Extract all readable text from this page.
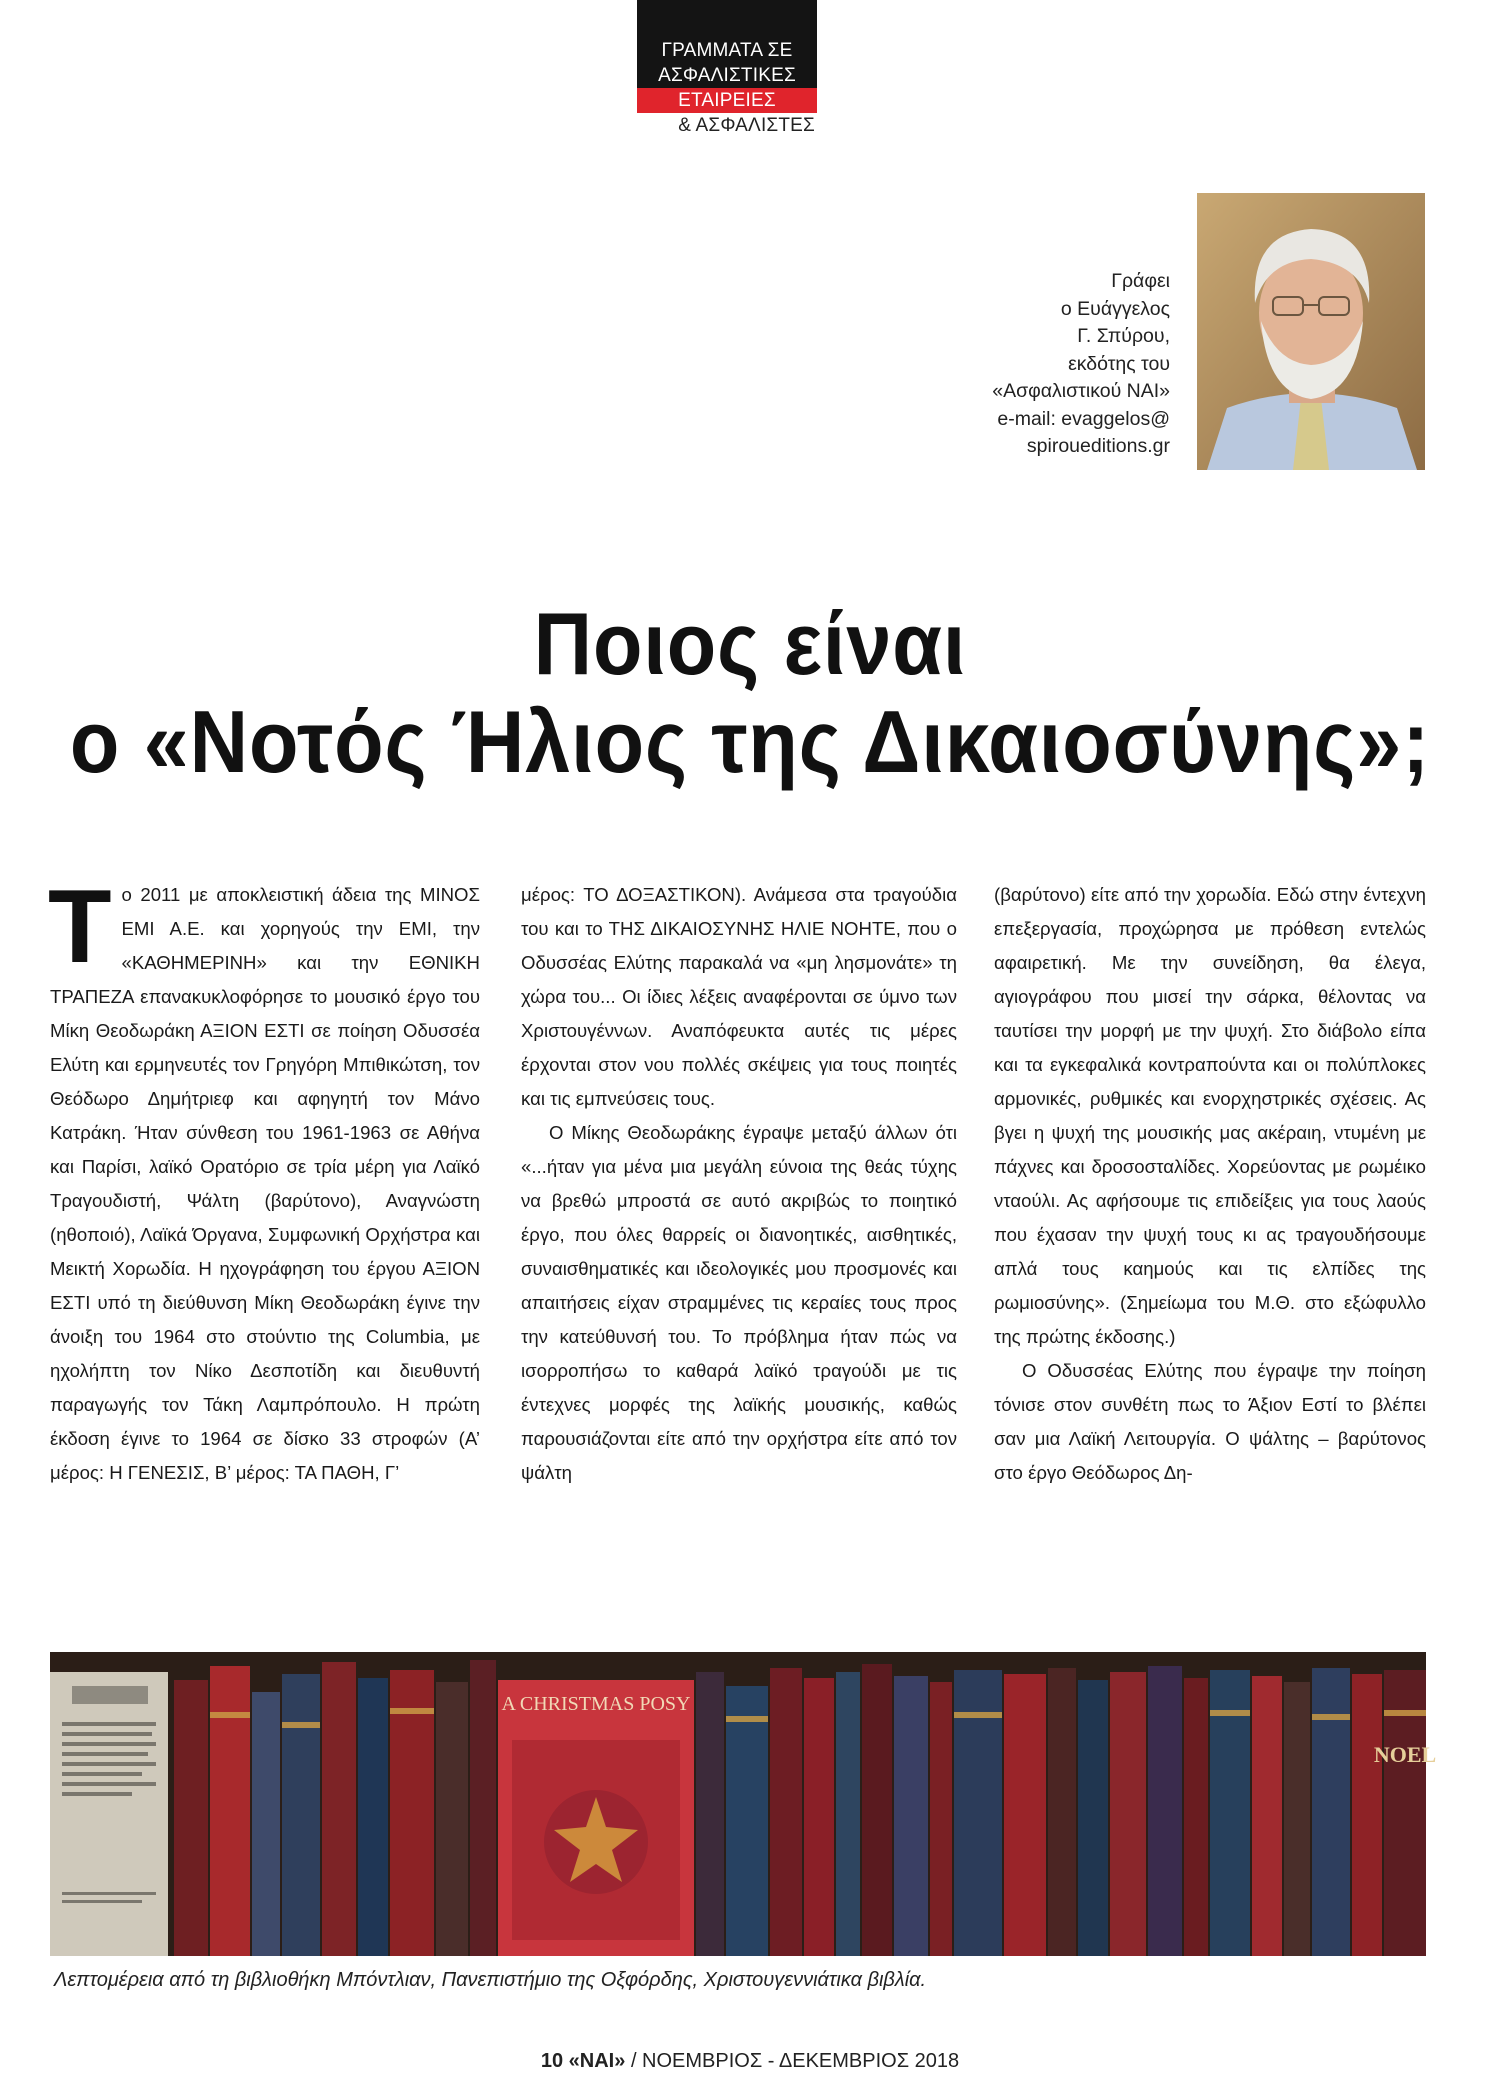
ΓΡΑΜΜΑΤΑ ΣΕ
ΑΣΦΑΛΙΣΤΙΚΕΣ
ΕΤΑΙΡΕΙΕΣ
& ΑΣΦΑΛΙΣΤΕΣ
Γράφει
ο Ευάγγελος
Γ. Σπύρου,
εκδότης του
«Ασφαλιστικού ΝΑΙ»
e-mail: evaggelos@
spiroueditions.gr
Ποιος είναι
ο «Νοτός Ήλιος της Δικαιοσύνης»;
Τ ο 2011 με αποκλειστική άδεια της ΜΙΝΟΣ ΕΜΙ Α.Ε. και χορηγούς την EMI, την «ΚΑΘΗΜΕΡΙΝΗ» και την ΕΘΝΙΚΗ ΤΡΑΠΕΖΑ επανακυκλοφόρησε το μουσικό έργο του Μίκη Θεοδωράκη ΑΞΙΟΝ ΕΣΤΙ σε ποίηση Οδυσσέα Ελύτη και ερμηνευτές τον Γρηγόρη Μπιθικώτση, τον Θεόδωρο Δημήτριεφ και αφηγητή τον Μάνο Κατράκη. Ήταν σύνθεση του 1961-1963 σε Αθήνα και Παρίσι, λαϊκό Ορατόριο σε τρία μέρη για Λαϊκό Τραγουδιστή, Ψάλτη (βαρύτονο), Αναγνώστη (ηθοποιό), Λαϊκά Όργανα, Συμφωνική Ορχήστρα και Μεικτή Χορωδία. Η ηχογράφηση του έργου ΑΞΙΟΝ ΕΣΤΙ υπό τη διεύθυνση Μίκη Θεοδωράκη έγινε την άνοιξη του 1964 στο στούντιο της Columbia, με ηχολήπτη τον Νίκο Δεσποτίδη και διευθυντή παραγωγής τον Τάκη Λαμπρόπουλο. Η πρώτη έκδοση έγινε το 1964 σε δίσκο 33 στροφών (Α’ μέρος: Η ΓΕΝΕΣΙΣ, Β’ μέρος: ΤΑ ΠΑΘΗ, Γ’

μέρος: ΤΟ ΔΟΞΑΣΤΙΚΟΝ). Ανάμεσα στα τραγούδια του και το ΤΗΣ ΔΙΚΑΙΟΣΥΝΗΣ ΗΛΙΕ ΝΟΗΤΕ, που ο Οδυσσέας Ελύτης παρακαλά να «μη λησμονάτε» τη χώρα του... Οι ίδιες λέξεις αναφέρονται σε ύμνο των Χριστουγέννων. Αναπόφευκτα αυτές τις μέρες έρχονται στον νου πολλές σκέψεις για τους ποιητές και τις εμπνεύσεις τους.

Ο Μίκης Θεοδωράκης έγραψε μεταξύ άλλων ότι «...ήταν για μένα μια μεγάλη εύνοια της θεάς τύχης να βρεθώ μπροστά σε αυτό ακριβώς το ποιητικό έργο, που όλες θαρρείς οι διανοητικές, αισθητικές, συναισθηματικές και ιδεολογικές μου προσμονές και απαιτήσεις είχαν στραμμένες τις κεραίες τους προς την κατεύθυνσή του. Το πρόβλημα ήταν πώς να ισορροπήσω το καθαρά λαϊκό τραγούδι με τις έντεχνες μορφές της λαϊκής μουσικής, καθώς παρουσιάζονται είτε από την ορχήστρα είτε από τον ψάλτη

(βαρύτονο) είτε από την χορωδία. Εδώ στην έντεχνη επεξεργασία, προχώρησα με πρόθεση εντελώς αφαιρετική. Με την συνείδηση, θα έλεγα, αγιογράφου που μισεί την σάρκα, θέλοντας να ταυτίσει την μορφή με την ψυχή. Στο διάβολο είπα και τα εγκεφαλικά κοντραπούντα και οι πολύπλοκες αρμονικές, ρυθμικές και ενορχηστρικές σχέσεις. Ας βγει η ψυχή της μουσικής μας ακέραιη, ντυμένη με πάχνες και δροσοσταλίδες. Χορεύοντας με ρωμέικο νταούλι. Ας αφήσουμε τις επιδείξεις για τους λαούς που έχασαν την ψυχή τους κι ας τραγουδήσουμε απλά τους καημούς και τις ελπίδες της ρωμιοσύνης». (Σημείωμα του Μ.Θ. στο εξώφυλλο της πρώτης έκδοσης.)

Ο Οδυσσέας Ελύτης που έγραψε την ποίηση τόνισε στον συνθέτη πως το Άξιον Εστί το βλέπει σαν μια Λαϊκή Λειτουργία. Ο ψάλτης – βαρύτονος στο έργο Θεόδωρος Δη-

A CHRISTMAS POSY
NOEL
Λεπτομέρεια από τη βιβλιοθήκη Μπόντλιαν, Πανεπιστήμιο της Οξφόρδης, Χριστουγεννιάτικα βιβλία.
10 «ΝΑΙ» / ΝΟΕΜΒΡΙΟΣ - ΔΕΚΕΜΒΡΙΟΣ 2018
